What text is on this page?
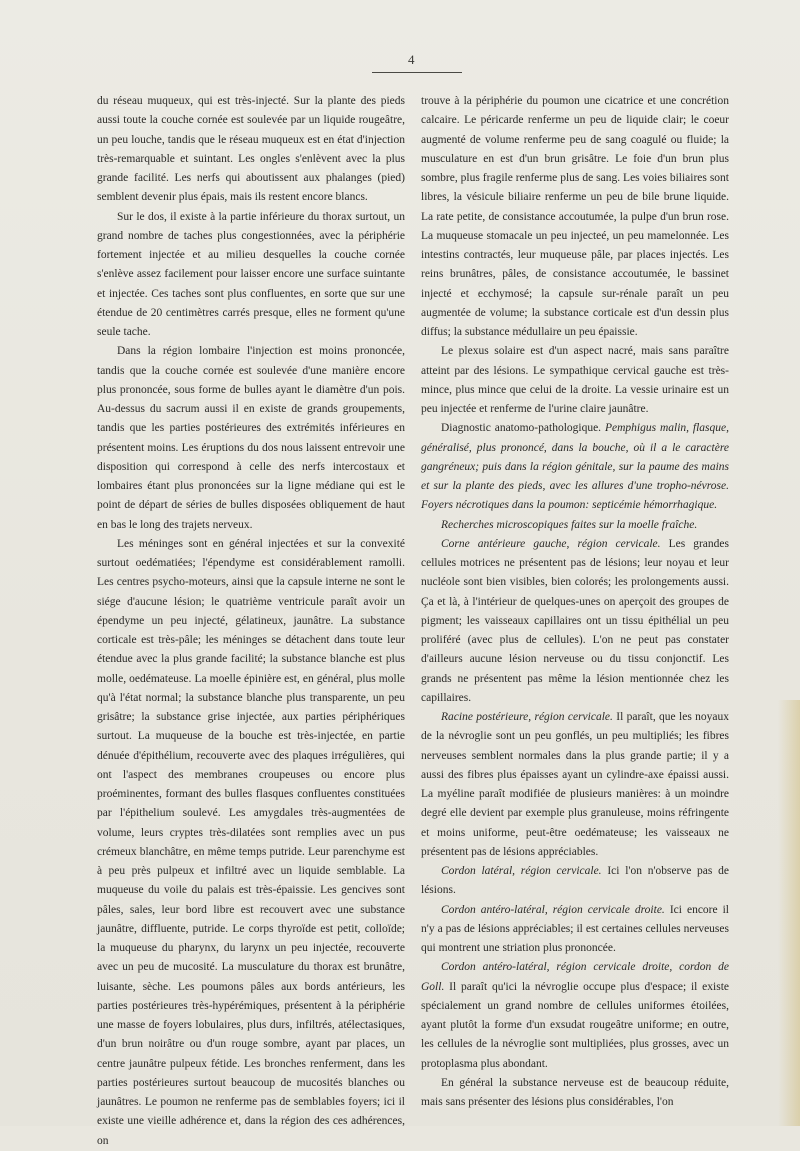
4

du réseau muqueux, qui est très-injecté. Sur la plante des pieds aussi toute la couche cornée est soulevée par un liquide rougeâtre, un peu louche, tandis que le réseau muqueux est en état d'injection très-remarquable et suintant. Les ongles s'enlèvent avec la plus grande facilité. Les nerfs qui aboutissent aux phalanges (pied) semblent devenir plus épais, mais ils restent encore blancs.

Sur le dos, il existe à la partie inférieure du thorax surtout, un grand nombre de taches plus congestionnées, avec la périphérie fortement injectée et au milieu desquelles la couche cornée s'enlève assez facilement pour laisser encore une surface suintante et injectée. Ces taches sont plus confluentes, en sorte que sur une étendue de 20 centimètres carrés presque, elles ne forment qu'une seule tache.

Dans la région lombaire l'injection est moins prononcée, tandis que la couche cornée est soulevée d'une manière encore plus prononcée, sous forme de bulles ayant le diamètre d'un pois. Au-dessus du sacrum aussi il en existe de grands groupements, tandis que les parties postérieures des extrémités inférieures en présentent moins. Les éruptions du dos nous laissent entrevoir une disposition qui correspond à celle des nerfs intercostaux et lombaires étant plus prononcées sur la ligne médiane qui est le point de départ de séries de bulles disposées obliquement de haut en bas le long des trajets nerveux.

Les méninges sont en général injectées et sur la convexité surtout oedématiées; l'épendyme est considérablement ramolli. Les centres psycho-moteurs, ainsi que la capsule interne ne sont le siége d'aucune lésion; le quatrième ventricule paraît avoir un épendyme un peu injecté, gélatineux, jaunâtre. La substance corticale est très-pâle; les méninges se détachent dans toute leur étendue avec la plus grande facilité; la substance blanche est plus molle, oedémateuse. La moelle épinière est, en général, plus molle qu'à l'état normal; la substance blanche plus transparente, un peu grisâtre; la substance grise injectée, aux parties périphériques surtout. La muqueuse de la bouche est très-injectée, en partie dénuée d'épithélium, recouverte avec des plaques irrégulières, qui ont l'aspect des membranes croupeuses ou encore plus proéminentes, formant des bulles flasques confluentes constituées par l'épithelium soulevé. Les amygdales très-augmentées de volume, leurs cryptes très-dilatées sont remplies avec un pus crémeux blanchâtre, en même temps putride. Leur parenchyme est à peu près pulpeux et infiltré avec un liquide semblable. La muqueuse du voile du palais est très-épaissie. Les gencives sont pâles, sales, leur bord libre est recouvert avec une substance jaunâtre, diffluente, putride. Le corps thyroïde est petit, colloïde; la muqueuse du pharynx, du larynx un peu injectée, recouverte avec un peu de mucosité. La musculature du thorax est brunâtre, luisante, sèche. Les poumons pâles aux bords antérieurs, les parties postérieures très-hypérémiques, présentent à la périphérie une masse de foyers lobulaires, plus durs, infiltrés, atélectasiques, d'un brun noirâtre ou d'un rouge sombre, ayant par places, un centre jaunâtre pulpeux fétide. Les bronches renferment, dans les parties postérieures surtout beaucoup de mucosités blanches ou jaunâtres. Le poumon ne renferme pas de semblables foyers; ici il existe une vieille adhérence et, dans la région des ces adhérences, on

trouve à la périphérie du poumon une cicatrice et une concrétion calcaire. Le péricarde renferme un peu de liquide clair; le coeur augmenté de volume renferme peu de sang coagulé ou fluide; la musculature en est d'un brun grisâtre. Le foie d'un brun plus sombre, plus fragile renferme plus de sang. Les voies biliaires sont libres, la vésicule biliaire renferme un peu de bile brune liquide. La rate petite, de consistance accoutumée, la pulpe d'un brun rose. La muqueuse stomacale un peu injecteé, un peu mamelonnée. Les intestins contractés, leur muqueuse pâle, par places injectés. Les reins brunâtres, pâles, de consistance accoutumée, le bassinet injecté et ecchymosé; la capsule sur-rénale paraît un peu augmentée de volume; la substance corticale est d'un dessin plus diffus; la substance médullaire un peu épaissie.

Le plexus solaire est d'un aspect nacré, mais sans paraître atteint par des lésions. Le sympathique cervical gauche est très-mince, plus mince que celui de la droite. La vessie urinaire est un peu injectée et renferme de l'urine claire jaunâtre.

Diagnostic anatomo-pathologique. Pemphigus malin, flasque, généralisé, plus prononcé, dans la bouche, où il a le caractère gangréneux; puis dans la région génitale, sur la paume des mains et sur la plante des pieds, avec les allures d'une tropho-névrose. Foyers nécrotiques dans la poumon: septicémie hémorrhagique.

Recherches microscopiques faites sur la moelle fraîche.

Corne antérieure gauche, région cervicale. Les grandes cellules motrices ne présentent pas de lésions; leur noyau et leur nucléole sont bien visibles, bien colorés; les prolongements aussi. Ça et là, à l'intérieur de quelques-unes on aperçoit des groupes de pigment; les vaisseaux capillaires ont un tissu épithélial un peu proliféré (avec plus de cellules). L'on ne peut pas constater d'ailleurs aucune lésion nerveuse ou du tissu conjonctif. Les grands ne présentent pas même la lésion mentionnée chez les capillaires.

Racine postérieure, région cervicale. Il paraît, que les noyaux de la névroglie sont un peu gonflés, un peu multipliés; les fibres nerveuses semblent normales dans la plus grande partie; il y a aussi des fibres plus épaisses ayant un cylindre-axe épaissi aussi. La myéline paraît modifiée de plusieurs manières: à un moindre degré elle devient par exemple plus granuleuse, moins réfringente et moins uniforme, peut-être oedémateuse; les vaisseaux ne présentent pas de lésions appréciables.

Cordon latéral, région cervicale. Ici l'on n'observe pas de lésions.

Cordon antéro-latéral, région cervicale droite. Ici encore il n'y a pas de lésions appréciables; il est certaines cellules nerveuses qui montrent une striation plus prononcée.

Cordon antéro-latéral, région cervicale droite, cordon de Goll. Il paraît qu'ici la névroglie occupe plus d'espace; il existe spécialement un grand nombre de cellules uniformes étoilées, ayant plutôt la forme d'un exsudat rougeâtre uniforme; en outre, les cellules de la névroglie sont multipliées, plus grosses, avec un protoplasma plus abondant.

En général la substance nerveuse est de beaucoup réduite, mais sans présenter des lésions plus considérables, l'on
